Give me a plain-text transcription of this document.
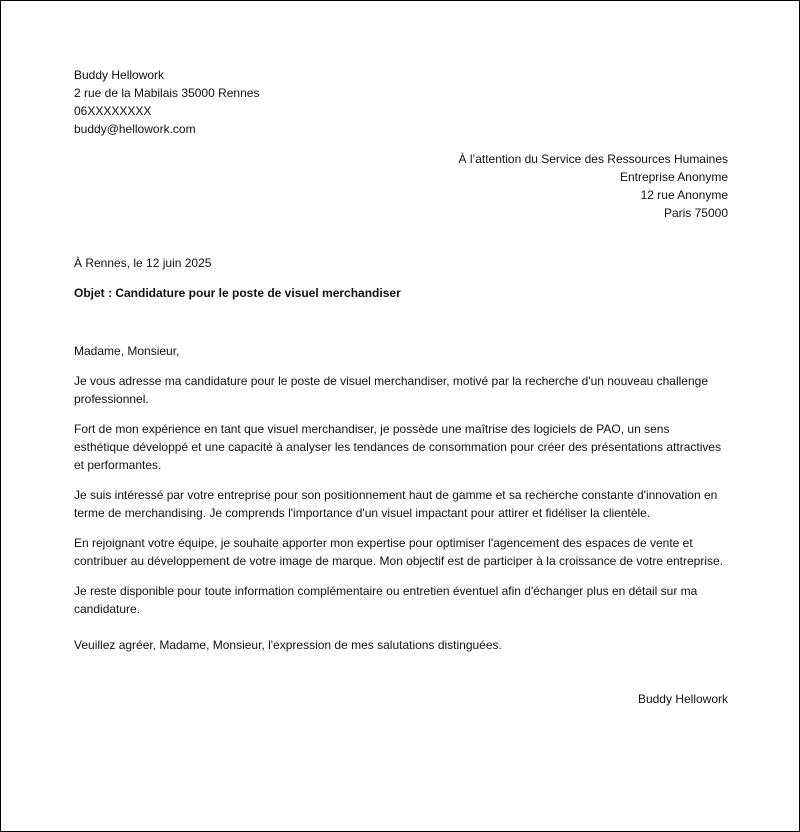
Buddy Hellowork
2 rue de la Mabilais 35000 Rennes
06XXXXXXXX
buddy@hellowork.com
À l’attention du Service des Ressources Humaines
Entreprise Anonyme
12 rue Anonyme
Paris 75000
À Rennes, le 12 juin 2025
Objet : Candidature pour le poste de visuel merchandiser
Madame, Monsieur,

Je vous adresse ma candidature pour le poste de visuel merchandiser, motivé par la recherche d'un nouveau challenge professionnel.

Fort de mon expérience en tant que visuel merchandiser, je possède une maîtrise des logiciels de PAO, un sens esthétique développé et une capacité à analyser les tendances de consommation pour créer des présentations attractives et performantes.

Je suis intéressé par votre entreprise pour son positionnement haut de gamme et sa recherche constante d'innovation en terme de merchandising. Je comprends l'importance d'un visuel impactant pour attirer et fidéliser la clientèle.

En rejoignant votre équipe, je souhaite apporter mon expertise pour optimiser l'agencement des espaces de vente et contribuer au développement de votre image de marque. Mon objectif est de participer à la croissance de votre entreprise.

Je reste disponible pour toute information complémentaire ou entretien éventuel afin d'échanger plus en détail sur ma candidature.

Veuillez agréer, Madame, Monsieur, l'expression de mes salutations distinguées.
Buddy Hellowork
